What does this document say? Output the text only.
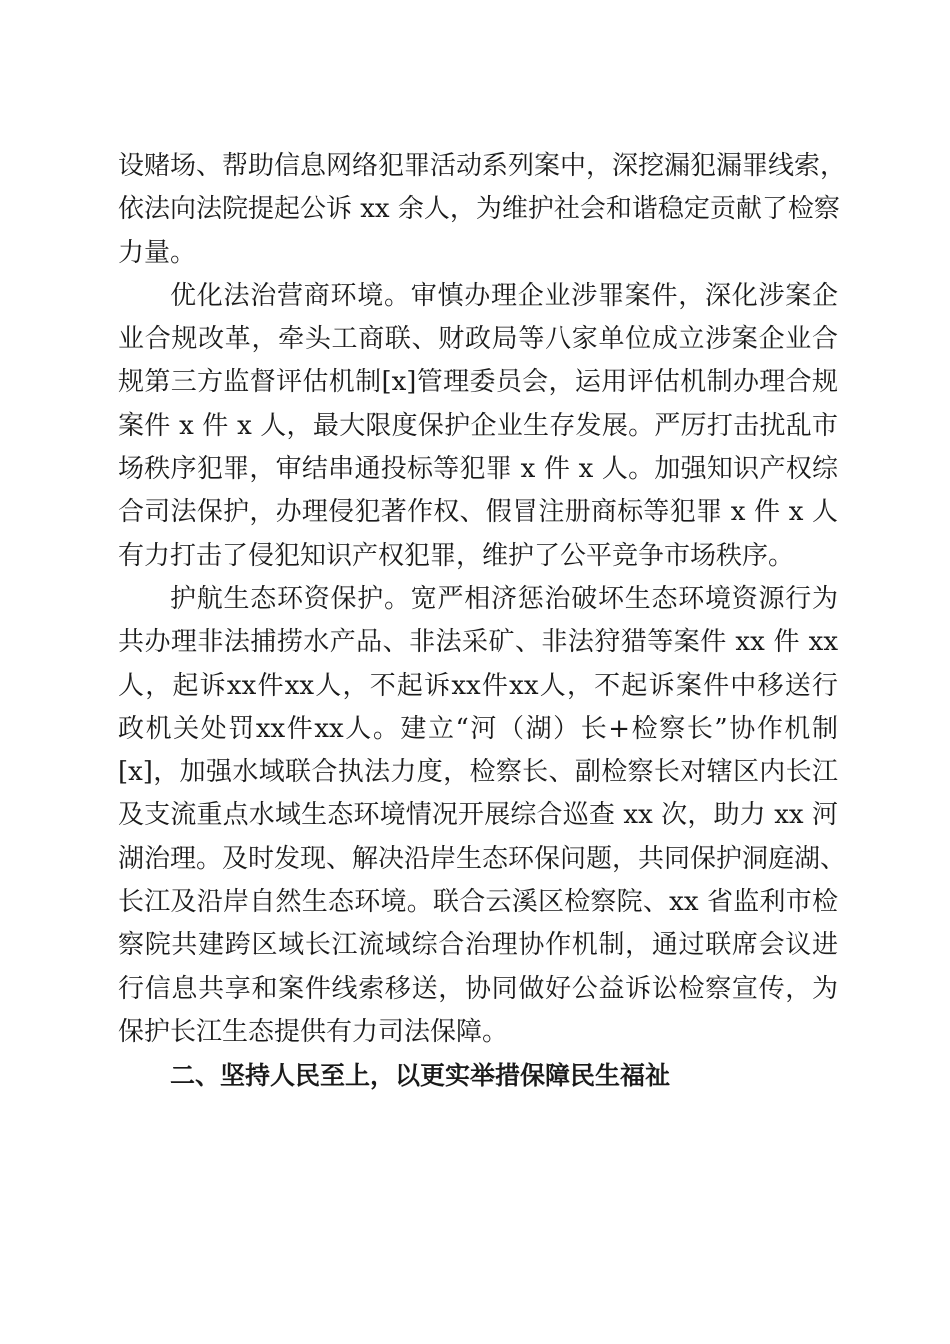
设赌场、帮助信息网络犯罪活动系列案中，深挖漏犯漏罪线索，
依法向法院提起公诉 xx 余人，为维护社会和谐稳定贡献了检察
力量。
优化法治营商环境。审慎办理企业涉罪案件，深化涉案企
业合规改革，牵头工商联、财政局等八家单位成立涉案企业合
规第三方监督评估机制[x]管理委员会，运用评估机制办理合规
案件 x 件 x 人，最大限度保护企业生存发展。严厉打击扰乱市
场秩序犯罪，审结串通投标等犯罪 x 件 x 人。加强知识产权综
合司法保护，办理侵犯著作权、假冒注册商标等犯罪 x 件 x 人
有力打击了侵犯知识产权犯罪，维护了公平竞争市场秩序。
护航生态环资保护。宽严相济惩治破坏生态环境资源行为
共办理非法捕捞水产品、非法采矿、非法狩猎等案件 xx 件 xx
人，起诉xx件xx人，不起诉xx件xx人，不起诉案件中移送行
政机关处罚xx件xx人。建立“河（湖）长+检察长”协作机制
[x]，加强水域联合执法力度，检察长、副检察长对辖区内长江
及支流重点水域生态环境情况开展综合巡查 xx 次，助力 xx 河
湖治理。及时发现、解决沿岸生态环保问题，共同保护洞庭湖、
长江及沿岸自然生态环境。联合云溪区检察院、xx 省监利市检
察院共建跨区域长江流域综合治理协作机制，通过联席会议进
行信息共享和案件线索移送，协同做好公益诉讼检察宣传，为
保护长江生态提供有力司法保障。
二、坚持人民至上，以更实举措保障民生福祉
